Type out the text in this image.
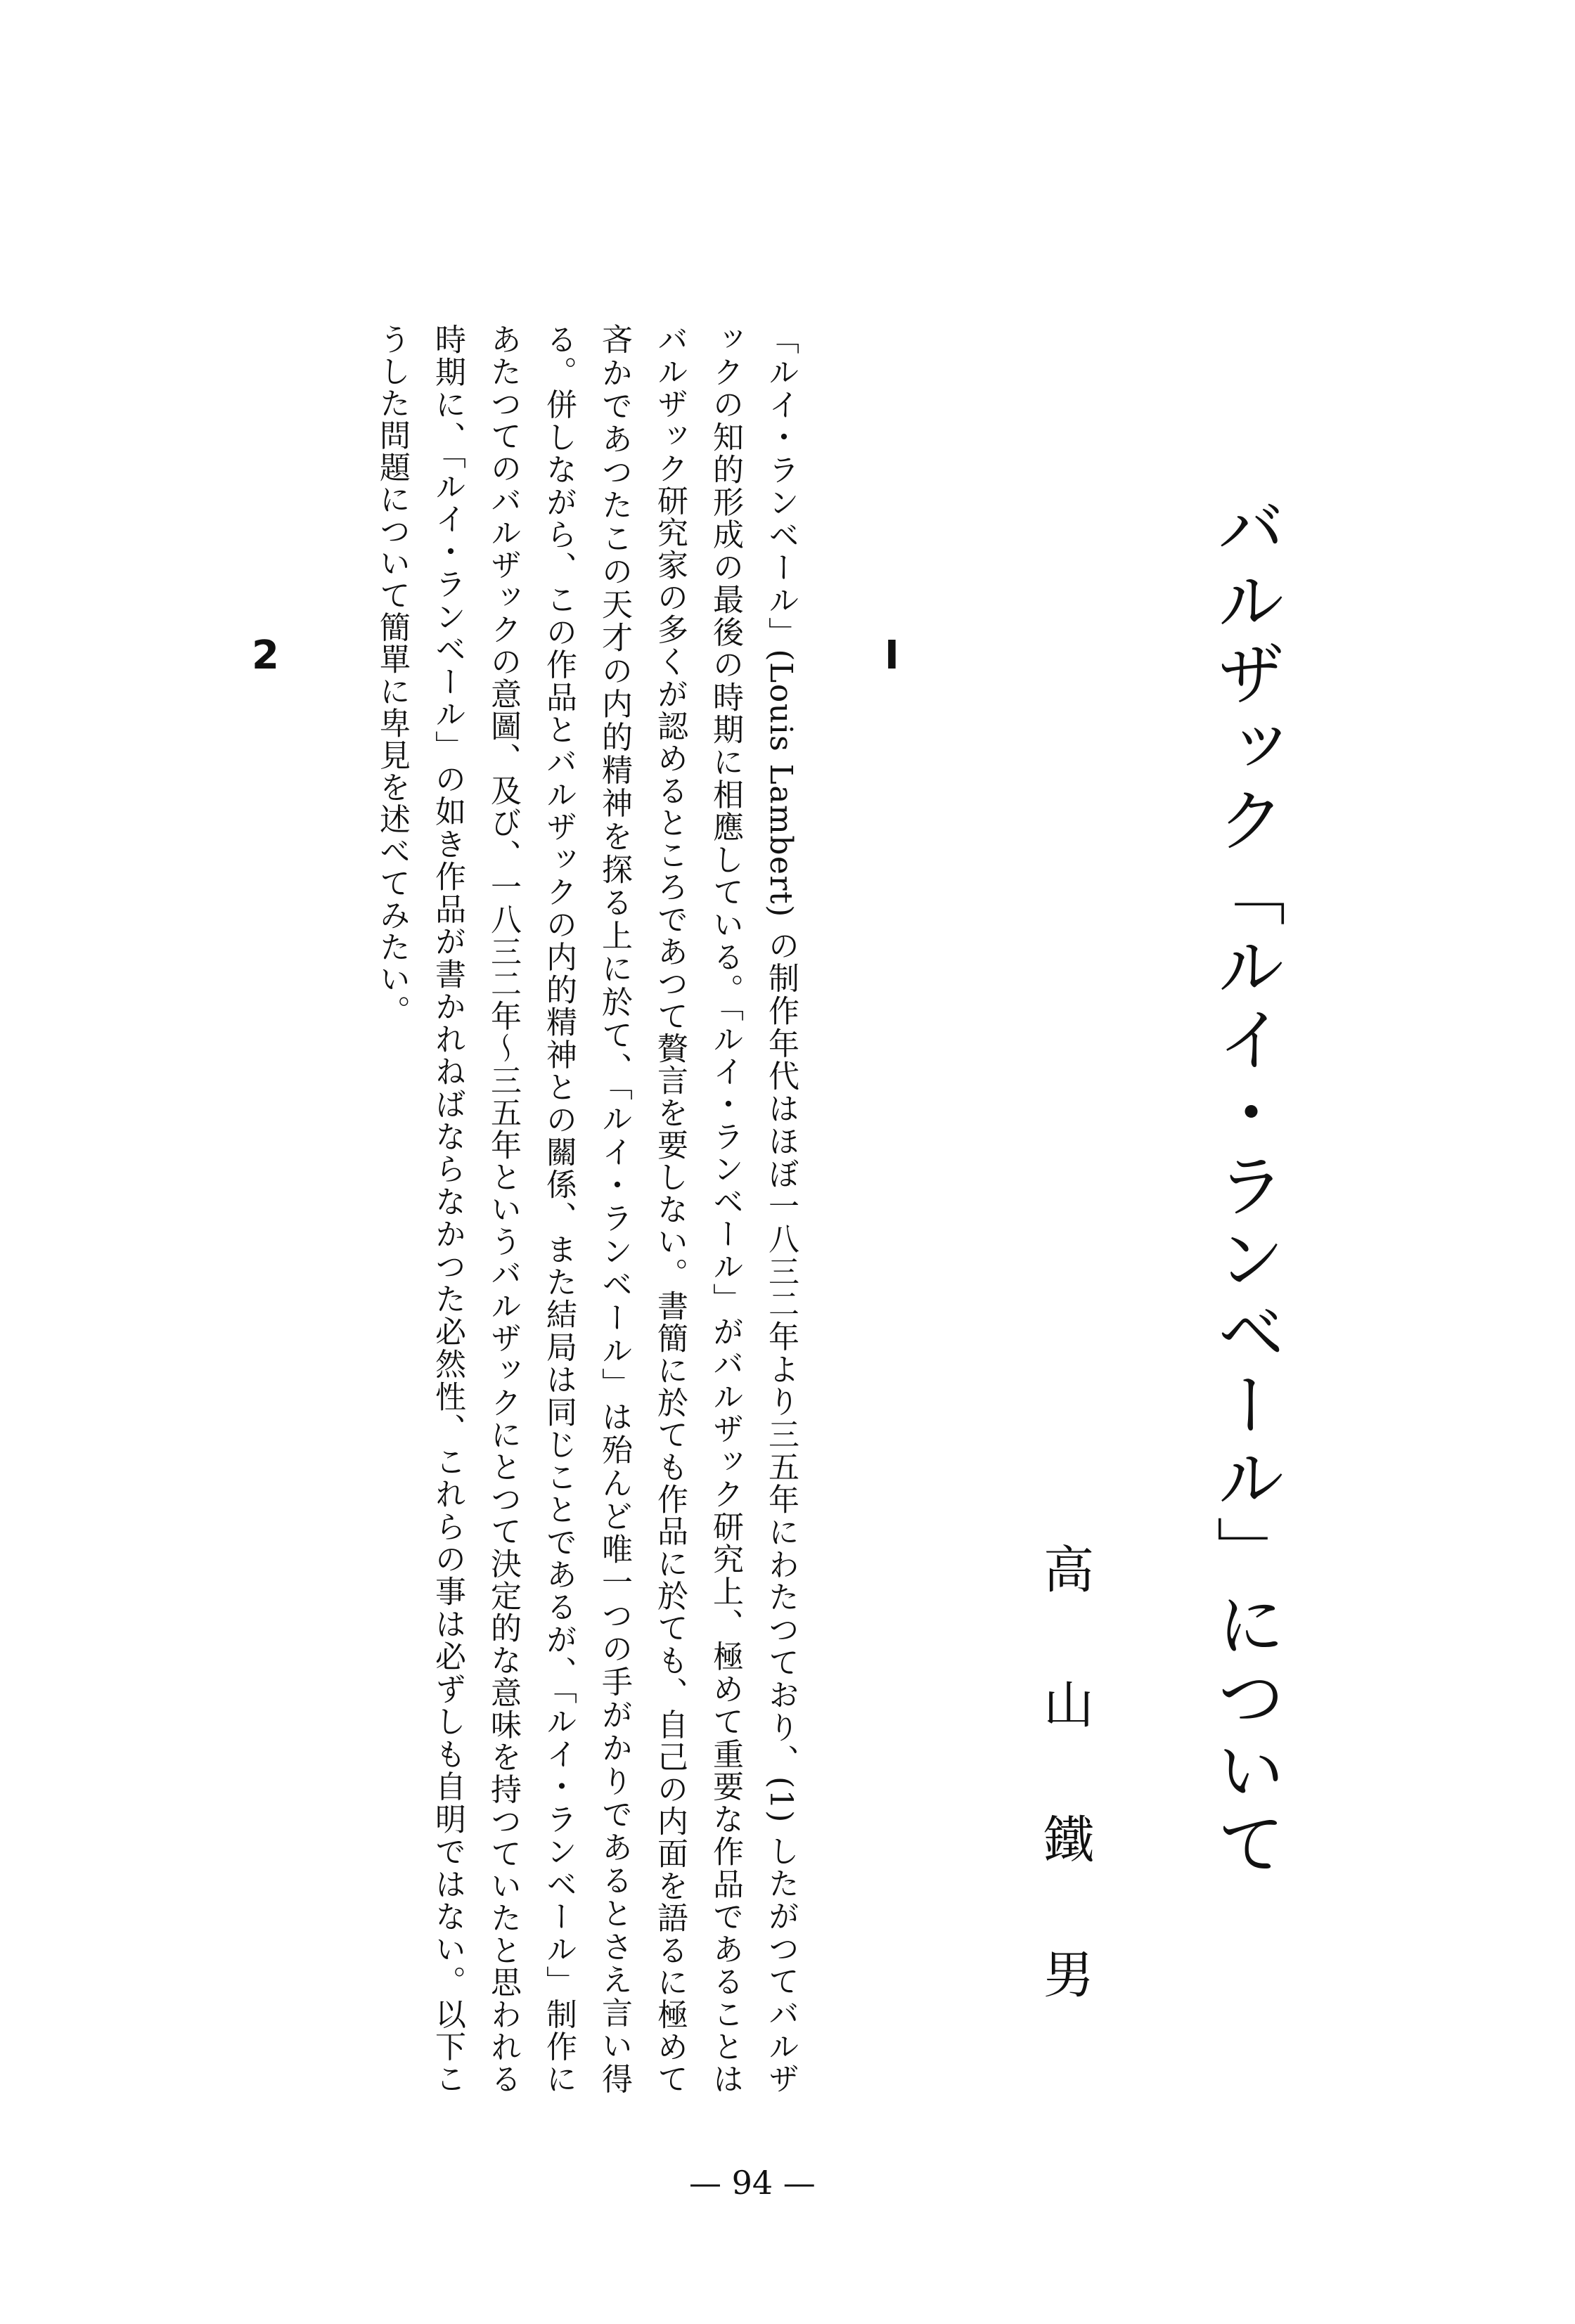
バルザック「ルイ・ランベール」について
高山鐵男
I
2	「ルイ・ランベール」(Louis Lambert) の制作年代はほぼ一八三二年より三五年にわたつており、(1) したがつてバルザックの知的形成の最後の時期に相應している。「ルイ・ランベール」がバルザック研究上、極めて重要な作品であることはバルザック研究家の多くが認めるところであつて贅言を要しない。書簡に於ても作品に於ても、自己の内面を語るに極めて吝かであつたこの天才の内的精神を探る上に於て、「ルイ・ランベール」は殆んど唯一つの手がかりであるとさえ言い得る。併しながら、この作品とバルザックの内的精神との關係、また結局は同じことであるが、「ルイ・ランベール」制作にあたつてのバルザックの意圖、及び、一八三二年〜三五年というバルザックにとつて決定的な意味を持つていたと思われる時期に、「ルイ・ランベール」の如き作品が書かれねばならなかつた必然性、これらの事は必ずしも自明ではない。以下こうした問題について簡單に卑見を述べてみたい。

— 94 —
